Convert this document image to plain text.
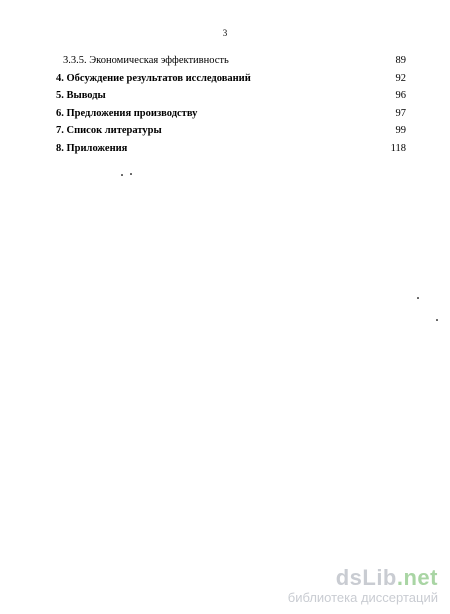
3
3.3.5. Экономическая эффективность	89
4. Обсуждение результатов исследований	92
5. Выводы	96
6. Предложения производству	97
7. Список литературы	99
8. Приложения	118
dsLib.net
библиотека диссертаций
